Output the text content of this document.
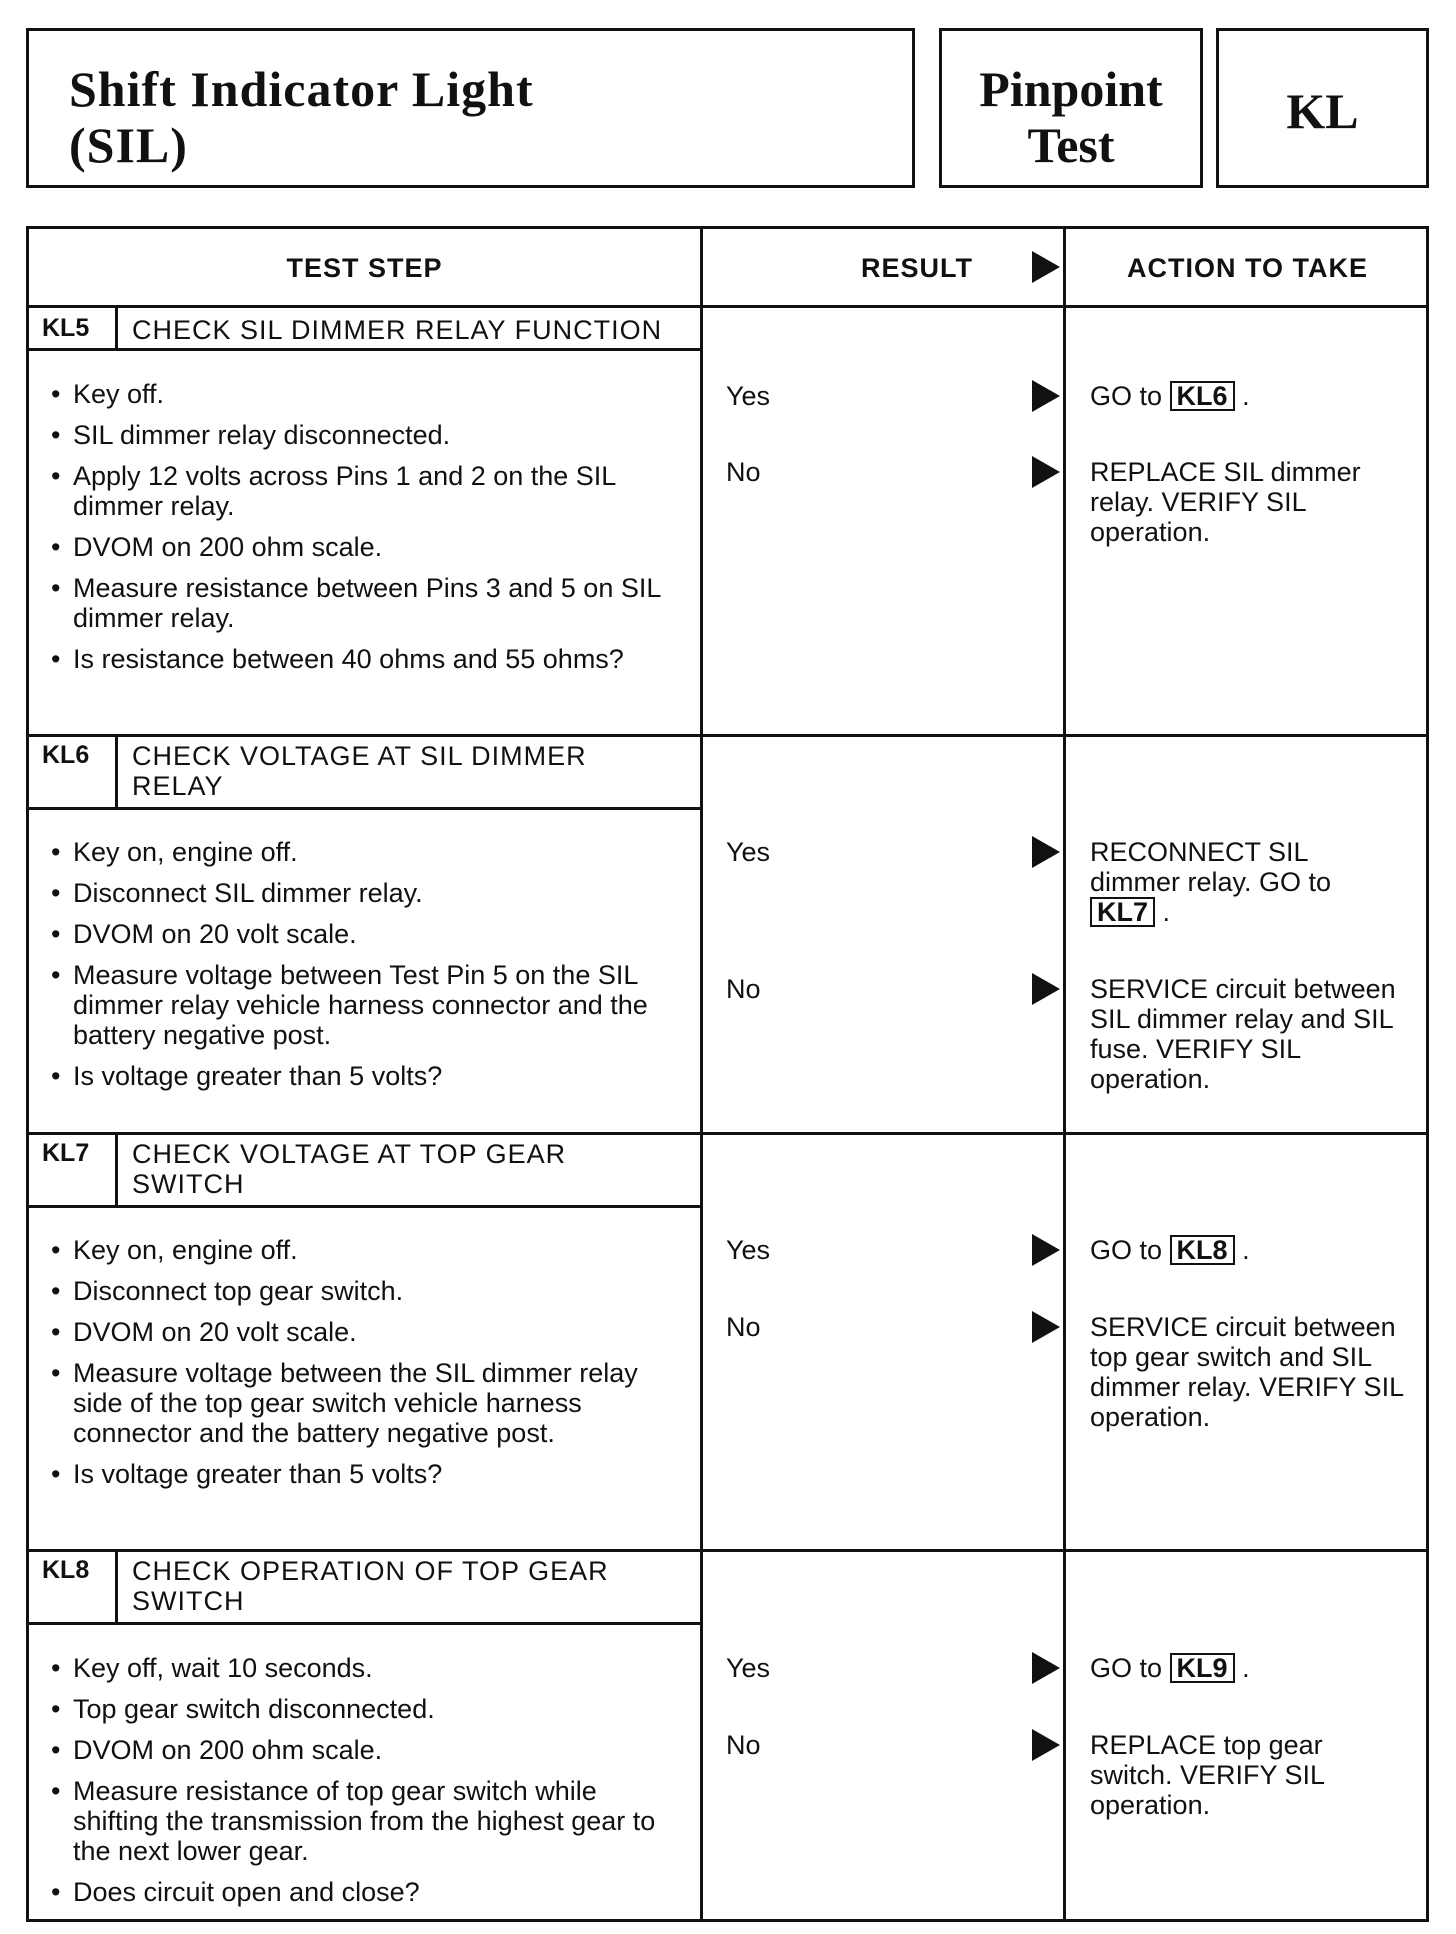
Shift Indicator Light
(SIL)
Pinpoint
Test
KL
TEST STEP	RESULT	ACTION TO TAKE
KL5 CHECK SIL DIMMER RELAY FUNCTION
• Key off.
• SIL dimmer relay disconnected.
• Apply 12 volts across Pins 1 and 2 on the SIL dimmer relay.
• DVOM on 200 ohm scale.
• Measure resistance between Pins 3 and 5 on SIL dimmer relay.
• Is resistance between 40 ohms and 55 ohms?
Yes	GO to KL6 .
No	REPLACE SIL dimmer relay. VERIFY SIL operation.
KL6 CHECK VOLTAGE AT SIL DIMMER RELAY
• Key on, engine off.
• Disconnect SIL dimmer relay.
• DVOM on 20 volt scale.
• Measure voltage between Test Pin 5 on the SIL dimmer relay vehicle harness connector and the battery negative post.
• Is voltage greater than 5 volts?
Yes	RECONNECT SIL dimmer relay. GO to KL7 .
No	SERVICE circuit between SIL dimmer relay and SIL fuse. VERIFY SIL operation.
KL7 CHECK VOLTAGE AT TOP GEAR SWITCH
• Key on, engine off.
• Disconnect top gear switch.
• DVOM on 20 volt scale.
• Measure voltage between the SIL dimmer relay side of the top gear switch vehicle harness connector and the battery negative post.
• Is voltage greater than 5 volts?
Yes	GO to KL8 .
No	SERVICE circuit between top gear switch and SIL dimmer relay. VERIFY SIL operation.
KL8 CHECK OPERATION OF TOP GEAR SWITCH
• Key off, wait 10 seconds.
• Top gear switch disconnected.
• DVOM on 200 ohm scale.
• Measure resistance of top gear switch while shifting the transmission from the highest gear to the next lower gear.
• Does circuit open and close?
Yes	GO to KL9 .
No	REPLACE top gear switch. VERIFY SIL operation.
